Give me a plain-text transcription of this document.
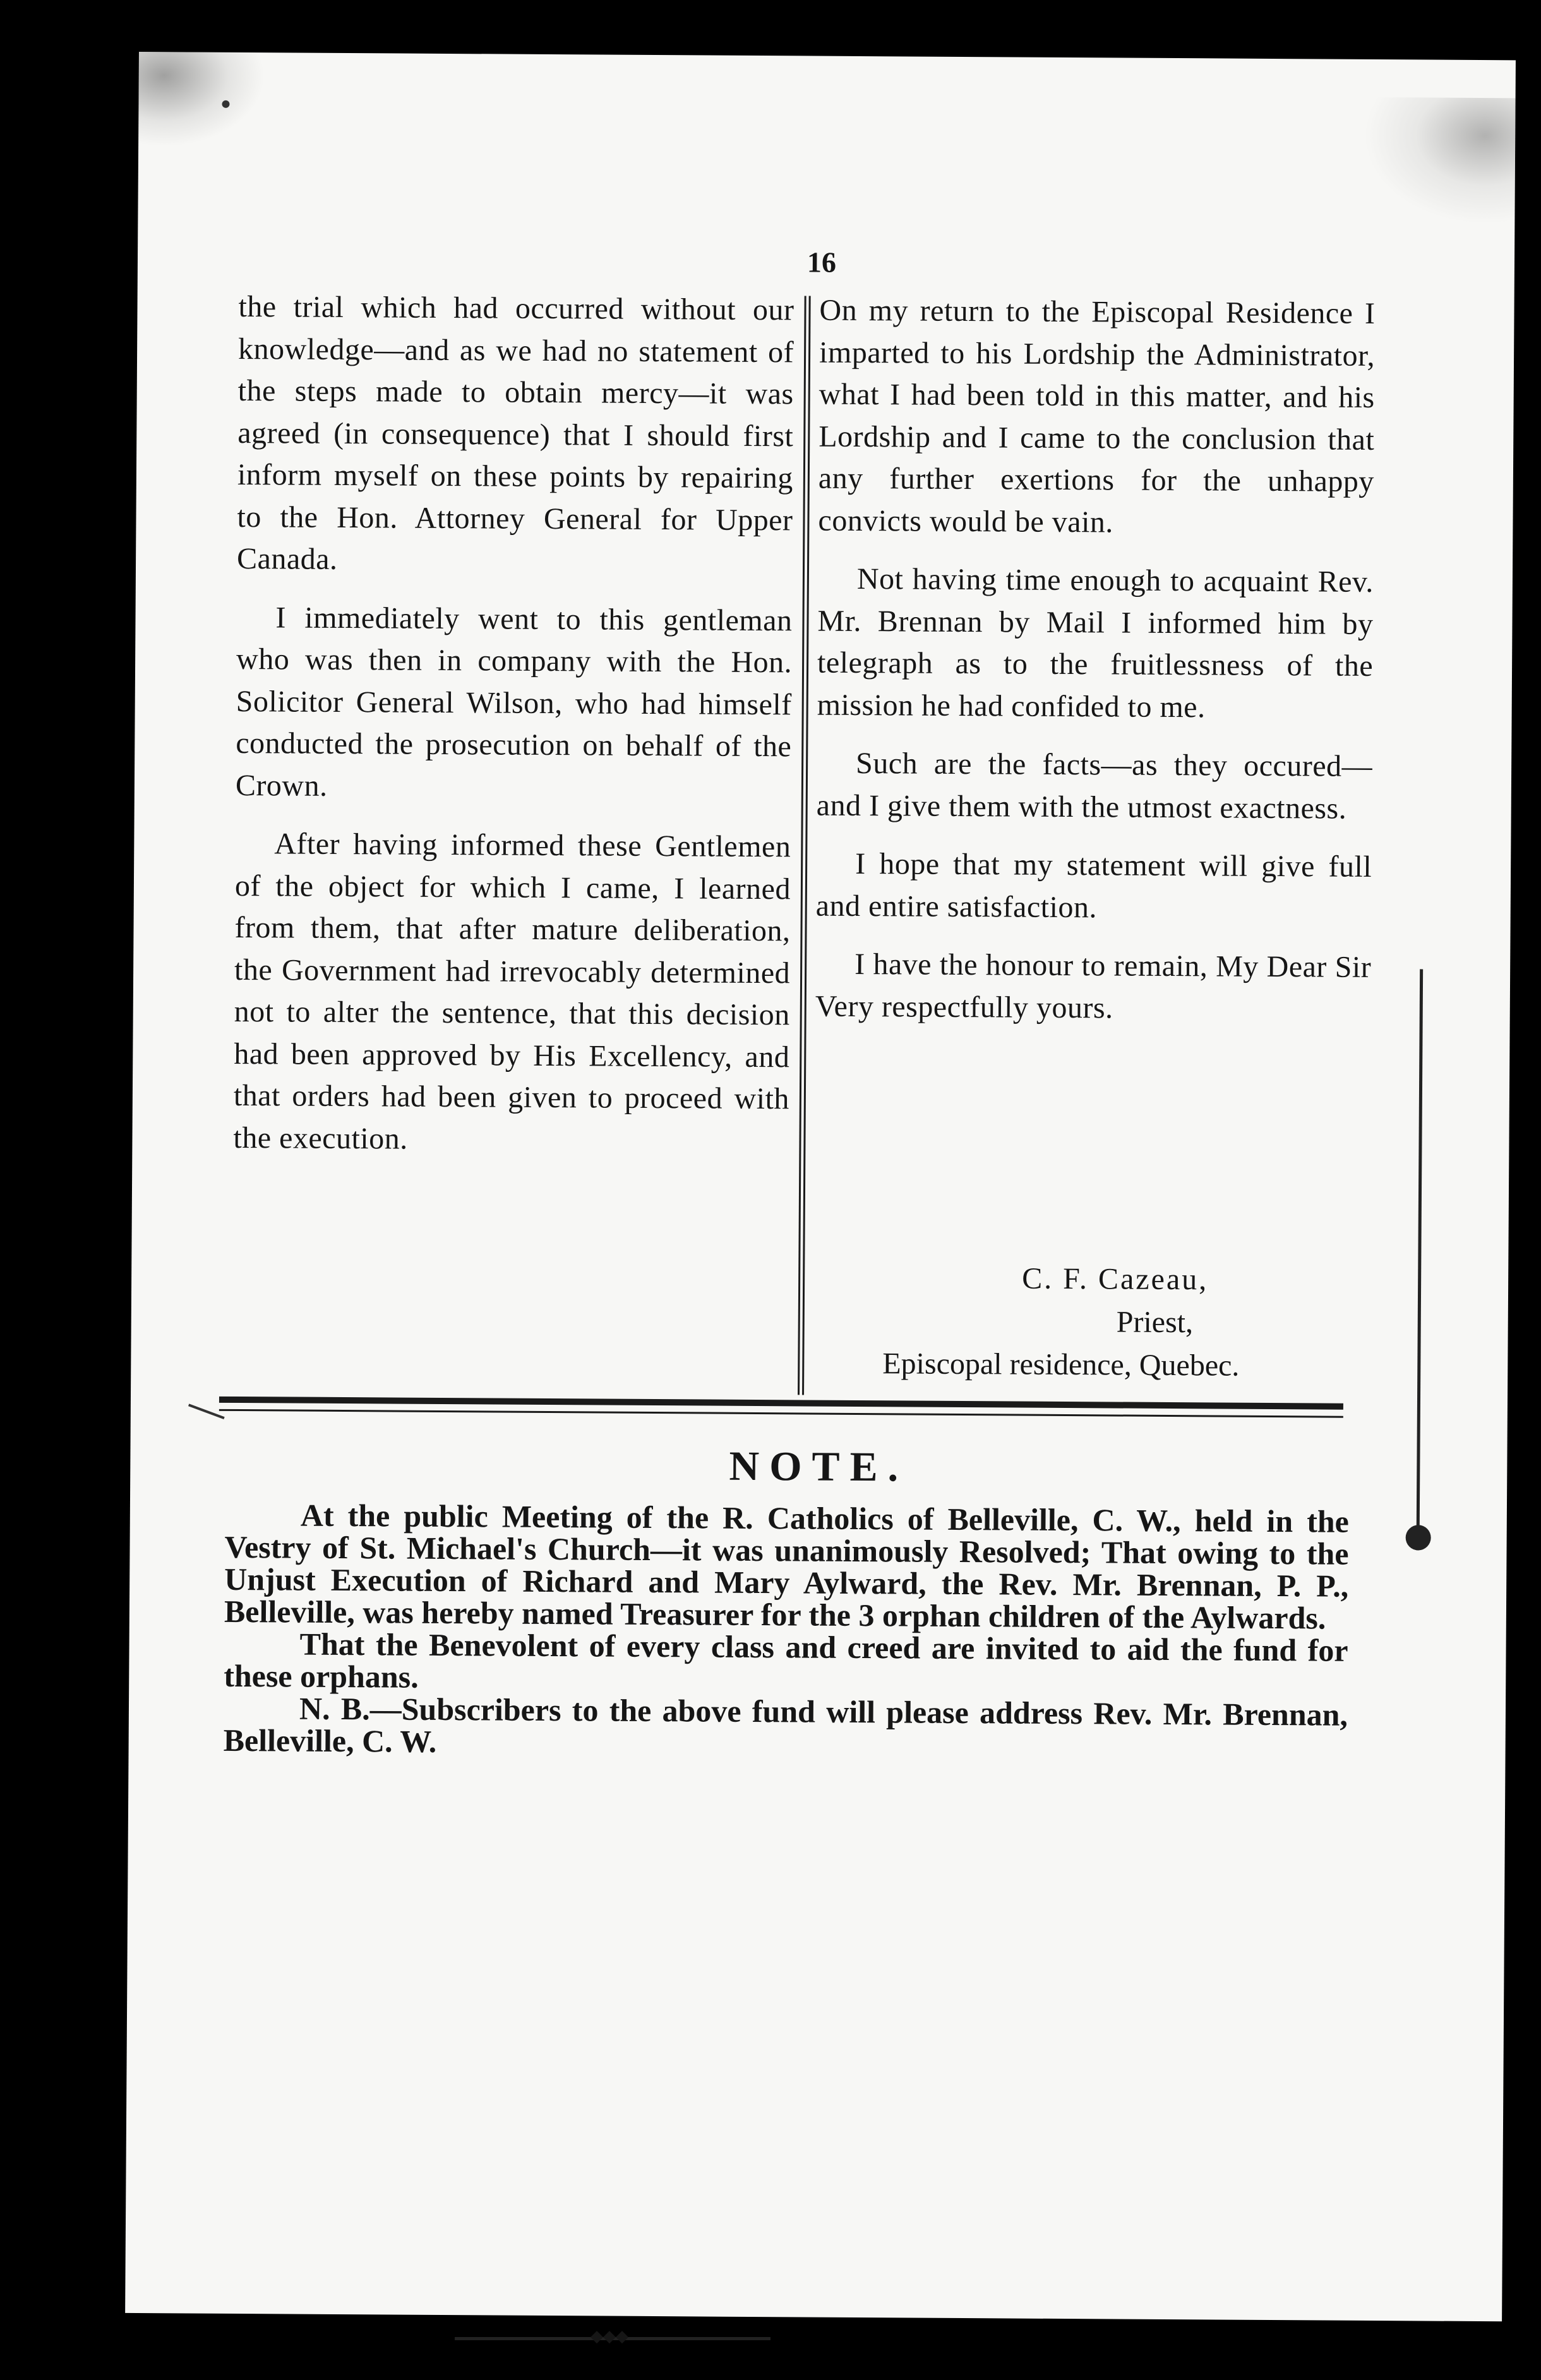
16

the trial which had occurred without our knowledge—and as we had no statement of the steps made to obtain mercy—it was agreed (in consequence) that I should first inform myself on these points by repairing to the Hon. Attorney General for Upper Canada.

I immediately went to this gentleman who was then in company with the Hon. Solicitor General Wilson, who had himself conducted the prosecution on behalf of the Crown.

After having informed these Gentlemen of the object for which I came, I learned from them, that after mature deliberation, the Government had irrevocably determined not to alter the sentence, that this decision had been approved by His Excellency, and that orders had been given to proceed with the execution.

On my return to the Episcopal Residence I imparted to his Lordship the Administrator, what I had been told in this matter, and his Lordship and I came to the conclusion that any further exertions for the unhappy convicts would be vain.

Not having time enough to acquaint Rev. Mr. Brennan by Mail I informed him by telegraph as to the fruitlessness of the mission he had confided to me.

Such are the facts—as they occured—and I give them with the utmost exactness.

I hope that my statement will give full and entire satisfaction.

I have the honour to remain, My Dear Sir Very respectfully yours.

C. F. Cazeau,
Priest,
Episcopal residence, Quebec.
NOTE.

At the public Meeting of the R. Catholics of Belleville, C. W., held in the Vestry of St. Michael's Church—it was unanimously Resolved; That owing to the Unjust Execution of Richard and Mary Aylward, the Rev. Mr. Brennan, P. P., Belleville, was hereby named Treasurer for the 3 orphan children of the Aylwards.

That the Benevolent of every class and creed are invited to aid the fund for these orphans.

N. B.—Subscribers to the above fund will please address Rev. Mr. Brennan, Belleville, C. W.

◆◆◆
